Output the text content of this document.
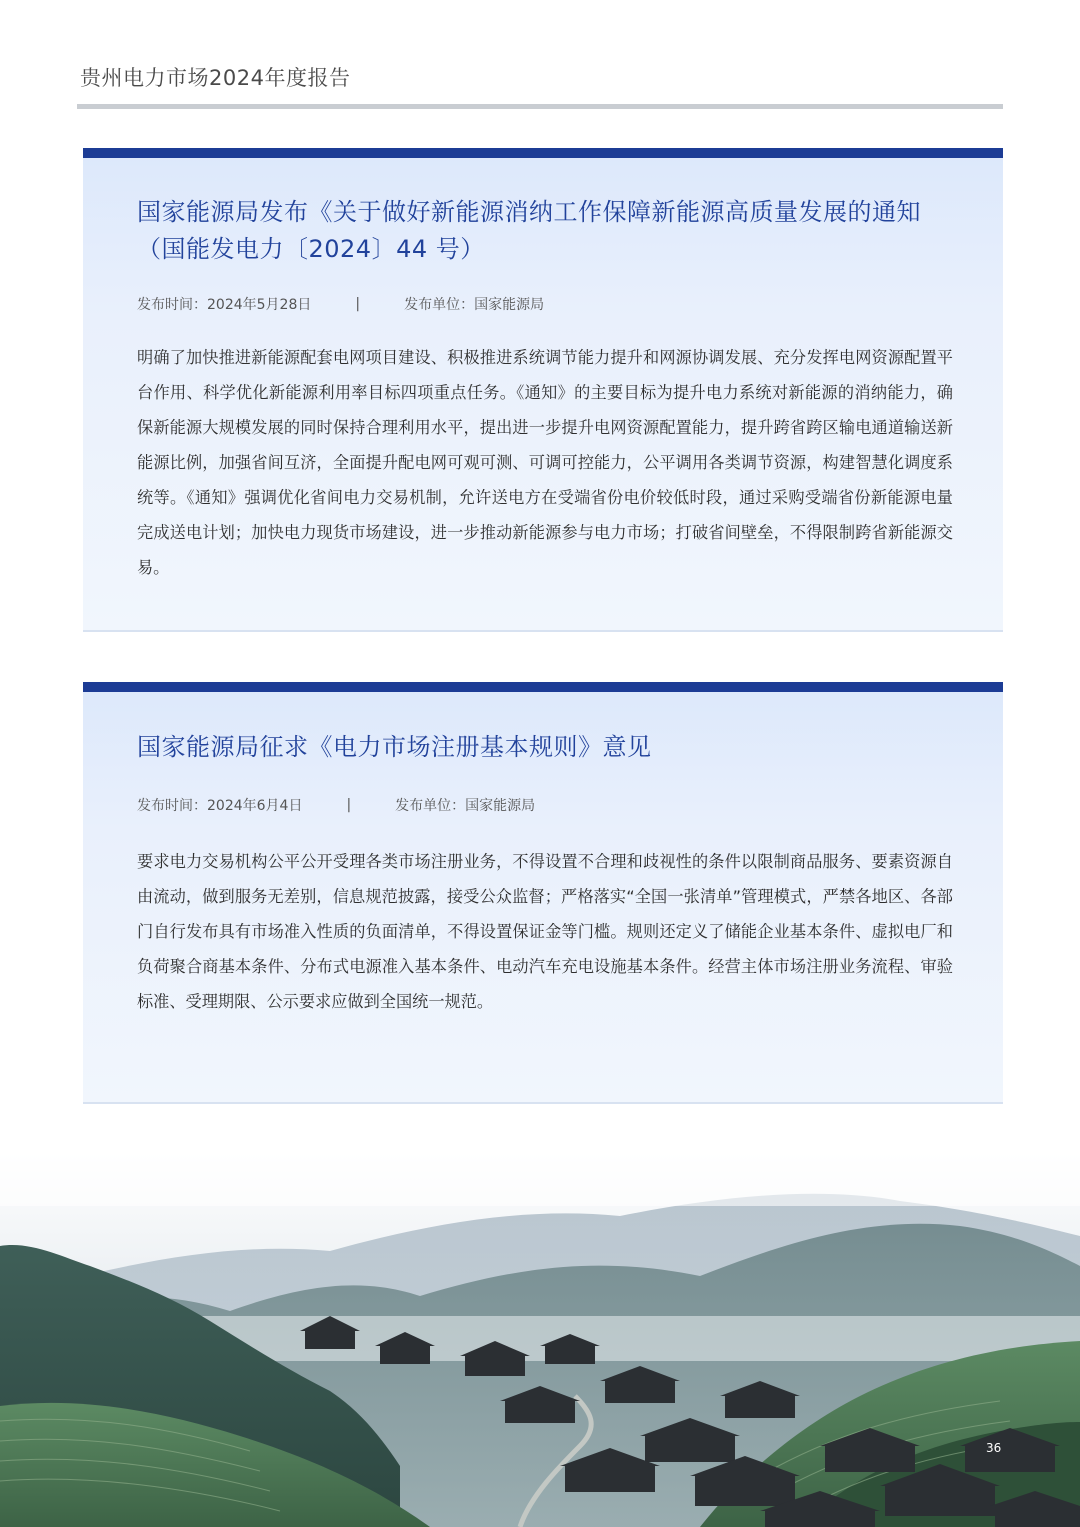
贵州电力市场2024年度报告
国家能源局发布《关于做好新能源消纳工作保障新能源高质量发展的通知（国能发电力〔2024〕44 号）
发布时间：2024年5月28日	|	发布单位：国家能源局
明确了加快推进新能源配套电网项目建设、积极推进系统调节能力提升和网源协调发展、充分发挥电网资源配置平台作用、科学优化新能源利用率目标四项重点任务。《通知》的主要目标为提升电力系统对新能源的消纳能力，确保新能源大规模发展的同时保持合理利用水平，提出进一步提升电网资源配置能力，提升跨省跨区输电通道输送新能源比例，加强省间互济，全面提升配电网可观可测、可调可控能力，公平调用各类调节资源，构建智慧化调度系统等。《通知》强调优化省间电力交易机制，允许送电方在受端省份电价较低时段，通过采购受端省份新能源电量完成送电计划；加快电力现货市场建设，进一步推动新能源参与电力市场；打破省间壁垒，不得限制跨省新能源交易。
国家能源局征求《电力市场注册基本规则》意见
发布时间：2024年6月4日	|	发布单位：国家能源局
要求电力交易机构公平公开受理各类市场注册业务，不得设置不合理和歧视性的条件以限制商品服务、要素资源自由流动，做到服务无差别，信息规范披露，接受公众监督；严格落实“全国一张清单”管理模式，严禁各地区、各部门自行发布具有市场准入性质的负面清单，不得设置保证金等门槛。规则还定义了储能企业基本条件、虚拟电厂和负荷聚合商基本条件、分布式电源准入基本条件、电动汽车充电设施基本条件。经营主体市场注册业务流程、审验标准、受理期限、公示要求应做到全国统一规范。
36
